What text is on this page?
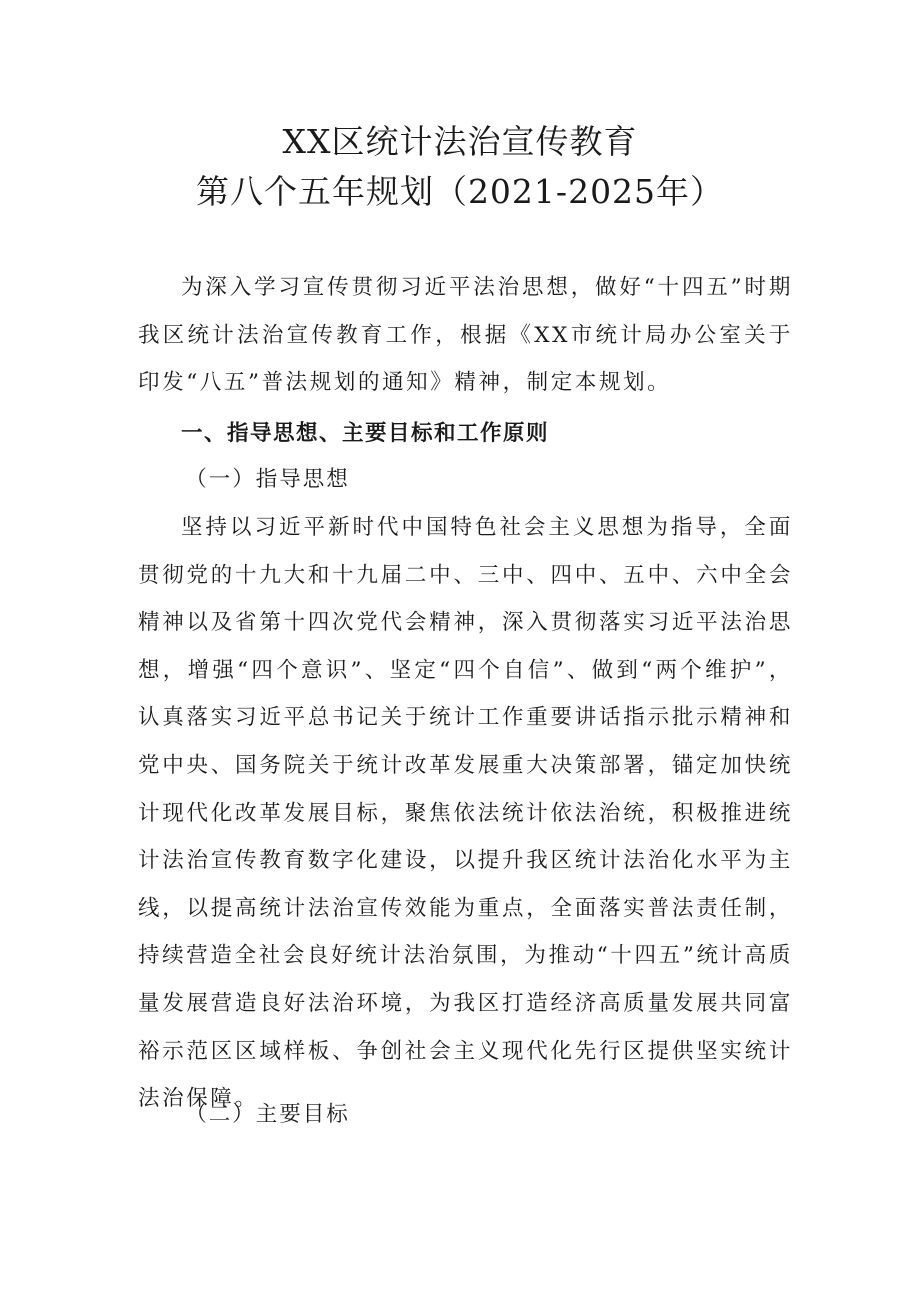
XX区统计法治宣传教育
第八个五年规划（2021-2025年）

为深入学习宣传贯彻习近平法治思想，做好“十四五”时期我区统计法治宣传教育工作，根据《XX市统计局办公室关于印发“八五”普法规划的通知》精神，制定本规划。

一、指导思想、主要目标和工作原则
（一）指导思想

坚持以习近平新时代中国特色社会主义思想为指导，全面贯彻党的十九大和十九届二中、三中、四中、五中、六中全会精神以及省第十四次党代会精神，深入贯彻落实习近平法治思想，增强“四个意识”、坚定“四个自信”、做到“两个维护”，认真落实习近平总书记关于统计工作重要讲话指示批示精神和党中央、国务院关于统计改革发展重大决策部署，锚定加快统计现代化改革发展目标，聚焦依法统计依法治统，积极推进统计法治宣传教育数字化建设，以提升我区统计法治化水平为主线，以提高统计法治宣传效能为重点，全面落实普法责任制，持续营造全社会良好统计法治氛围，为推动“十四五”统计高质量发展营造良好法治环境，为我区打造经济高质量发展共同富裕示范区区域样板、争创社会主义现代化先行区提供坚实统计法治保障。

（二）主要目标
